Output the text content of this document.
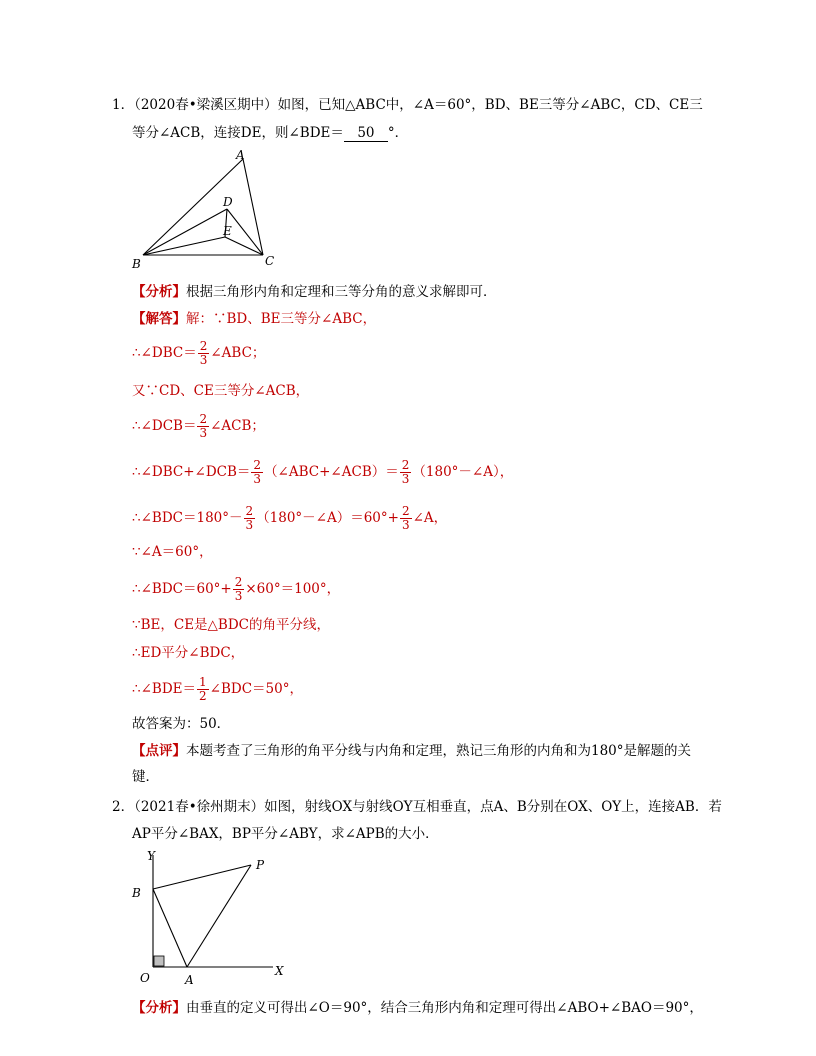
1．（2020春•梁溪区期中）如图，已知△ABC中，∠A＝60°，BD、BE三等分∠ABC，CD、CE三
等分∠ACB，连接DE，则∠BDE＝ 50 °．
A
B	C
D
E
【分析】根据三角形内角和定理和三等分角的意义求解即可．
【解答】解：∵BD、BE三等分∠ABC，
∴∠DBC＝ $\frac{2}{3}$ ∠ABC；
又∵CD、CE三等分∠ACB，
∴∠DCB＝ $\frac{2}{3}$ ∠ACB；
∴∠DBC+∠DCB＝ $\frac{2}{3}$ （∠ABC+∠ACB）＝ $\frac{2}{3}$ （180°－∠A），
∴∠BDC＝180°－ $\frac{2}{3}$ （180°－∠A）＝60°+ $\frac{2}{3}$ ∠A，
∵∠A＝60°，
∴∠BDC＝60°+ $\frac{2}{3} \times 60^\circ=100^\circ$，
∵BE，CE是△BDC的角平分线，
∴ED平分∠BDC，
∴∠BDE＝ $\frac{1}{2}$ ∠BDC＝50°，
故答案为：50．
【点评】本题考查了三角形的角平分线与内角和定理，熟记三角形的内角和为180°是解题的关
键．
2．（2021春•徐州期末）如图，射线OX与射线OY互相垂直，点A、B分别在OX、OY上，连接AB．若
AP平分∠BAX，BP平分∠ABY，求∠APB的大小．
Y
B
P
O	A
X
【分析】由垂直的定义可得出∠O＝90°，结合三角形内角和定理可得出∠ABO+∠BAO＝90°，
